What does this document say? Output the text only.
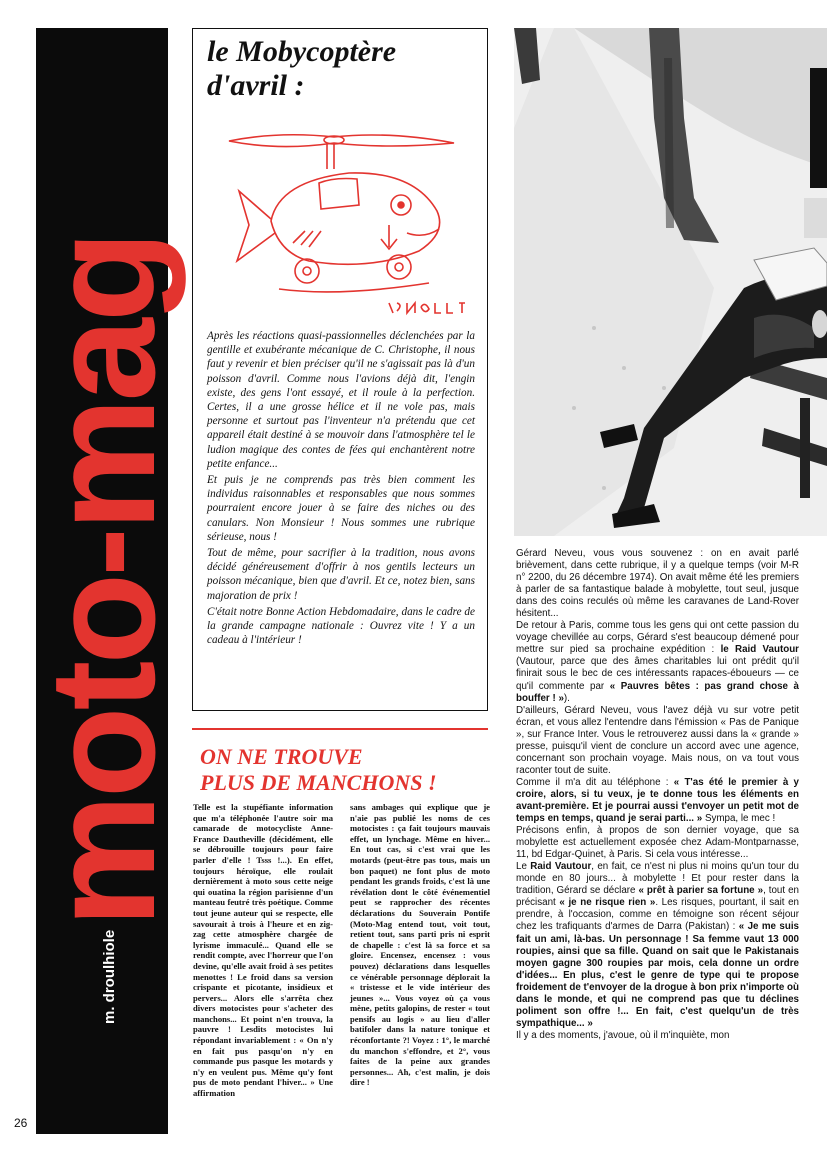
moto-mag
m. droulhiole
26
le Mobycoptère
d'avril :

Après les réactions quasi-passionnelles déclenchées par la gentille et exubérante mécanique de C. Christophe, il nous faut y revenir et bien préciser qu'il ne s'agissait pas là d'un poisson d'avril. Comme nous l'avions déjà dit, l'engin existe, des gens l'ont essayé, et il roule à la perfection. Certes, il a une grosse hélice et il ne vole pas, mais personne et surtout pas l'inventeur n'a prétendu que cet appareil était destiné à se mouvoir dans l'atmosphère tel le ludion magique des contes de fées qui enchantèrent notre petite enfance...

Et puis je ne comprends pas très bien comment les individus raisonnables et responsables que nous sommes pourraient encore jouer à se faire des niches ou des canulars. Non Monsieur ! Nous sommes une rubrique sérieuse, nous !

Tout de même, pour sacrifier à la tradition, nous avons décidé généreusement d'offrir à nos gentils lecteurs un poisson mécanique, bien que d'avril. Et ce, notez bien, sans majoration de prix !

C'était notre Bonne Action Hebdomadaire, dans le cadre de la grande campagne nationale : Ouvrez vite ! Y a un cadeau à l'intérieur !

ON NE TROUVE
PLUS DE MANCHONS !

Telle est la stupéfiante information que m'a téléphonée l'autre soir ma camarade de motocycliste Anne-France Dautheville (décidément, elle se débrouille toujours pour faire parler d'elle ! Tsss !...). En effet, toujours héroïque, elle roulait dernièrement à moto sous cette neige qui ouatina la région parisienne d'un manteau feutré très poétique. Comme tout jeune auteur qui se respecte, elle savourait à trois à l'heure et en zig-zag cette atmosphère chargée de lyrisme immaculé... Quand elle se rendit compte, avec l'horreur que l'on devine, qu'elle avait froid à ses petites menottes ! Le froid dans sa version crispante et picotante, insidieux et pervers... Alors elle s'arrêta chez divers motocistes pour s'acheter des manchons... Et point n'en trouva, la pauvre ! Lesdits motocistes lui répondant invariablement : « On n'y en fait pus pasqu'on n'y en commande pus pasque les motards y n'y en veulent pus. Même qu'y font pus de moto pendant l'hiver... » Une affirmation

sans ambages qui explique que je n'aie pas publié les noms de ces motocistes : ça fait toujours mauvais effet, un lynchage. Même en hiver... En tout cas, si c'est vrai que les motards (peut-être pas tous, mais un bon paquet) ne font plus de moto pendant les grands froids, c'est là une révélation dont le côté événementiel peut se rapprocher des récentes déclarations du Souverain Pontife (Moto-Mag entend tout, voit tout, retient tout, sans parti pris ni esprit de chapelle : c'est là sa force et sa gloire. Encensez, encensez : vous pouvez) déclarations dans lesquelles ce vénérable personnage déplorait la « tristesse et le vide intérieur des jeunes »... Vous voyez où ça vous mène, petits galopins, de rester « tout pensifs au logis » au lieu d'aller batifoler dans la nature tonique et réconfortante ?! Voyez : 1°, le marché du manchon s'effondre, et 2°, vous faites de la peine aux grandes personnes... Ah, c'est malin, je dois dire !

Gérard Neveu, vous vous souvenez : on en avait parlé brièvement, dans cette rubrique, il y a quelque temps (voir M-R n° 2200, du 26 décembre 1974). On avait même été les premiers à parler de sa fantastique balade à mobylette, tout seul, jusque dans des coins reculés où même les caravanes de Land-Rover hésitent...

De retour à Paris, comme tous les gens qui ont cette passion du voyage chevillée au corps, Gérard s'est beaucoup démené pour mettre sur pied sa prochaine expédition : le Raid Vautour (Vautour, parce que des âmes charitables lui ont prédit qu'il finirait sous le bec de ces intéressants rapaces-éboueurs — ce qu'il commente par « Pauvres bêtes : pas grand chose à bouffer ! »).

D'ailleurs, Gérard Neveu, vous l'avez déjà vu sur votre petit écran, et vous allez l'entendre dans l'émission « Pas de Panique », sur France Inter. Vous le retrouverez aussi dans la « grande » presse, puisqu'il vient de conclure un accord avec une agence, concernant son prochain voyage. Mais nous, on va tout vous raconter tout de suite.

Comme il m'a dit au téléphone : « T'as été le premier à y croire, alors, si tu veux, je te donne tous les éléments en avant-première. Et je pourrai aussi t'envoyer un petit mot de temps en temps, quand je serai parti... » Sympa, le mec !

Précisons enfin, à propos de son dernier voyage, que sa mobylette est actuellement exposée chez Adam-Montparnasse, 11, bd Edgar-Quinet, à Paris. Si cela vous intéresse...

Le Raid Vautour, en fait, ce n'est ni plus ni moins qu'un tour du monde en 80 jours... à mobylette ! Et pour rester dans la tradition, Gérard se déclare « prêt à parier sa fortune », tout en précisant « je ne risque rien ». Les risques, pourtant, il sait en prendre, à l'occasion, comme en témoigne son récent séjour chez les trafiquants d'armes de Darra (Pakistan) : « Je me suis fait un ami, là-bas. Un personnage ! Sa femme vaut 13 000 roupies, ainsi que sa fille. Quand on sait que le Pakistanais moyen gagne 300 roupies par mois, cela donne un ordre d'idées... En plus, c'est le genre de type qui te propose froidement de t'envoyer de la drogue à bon prix n'importe où dans le monde, et qui ne comprend pas que tu déclines poliment son offre !... En fait, c'est quelqu'un de très sympathique... »

Il y a des moments, j'avoue, où il m'inquiète, mon
